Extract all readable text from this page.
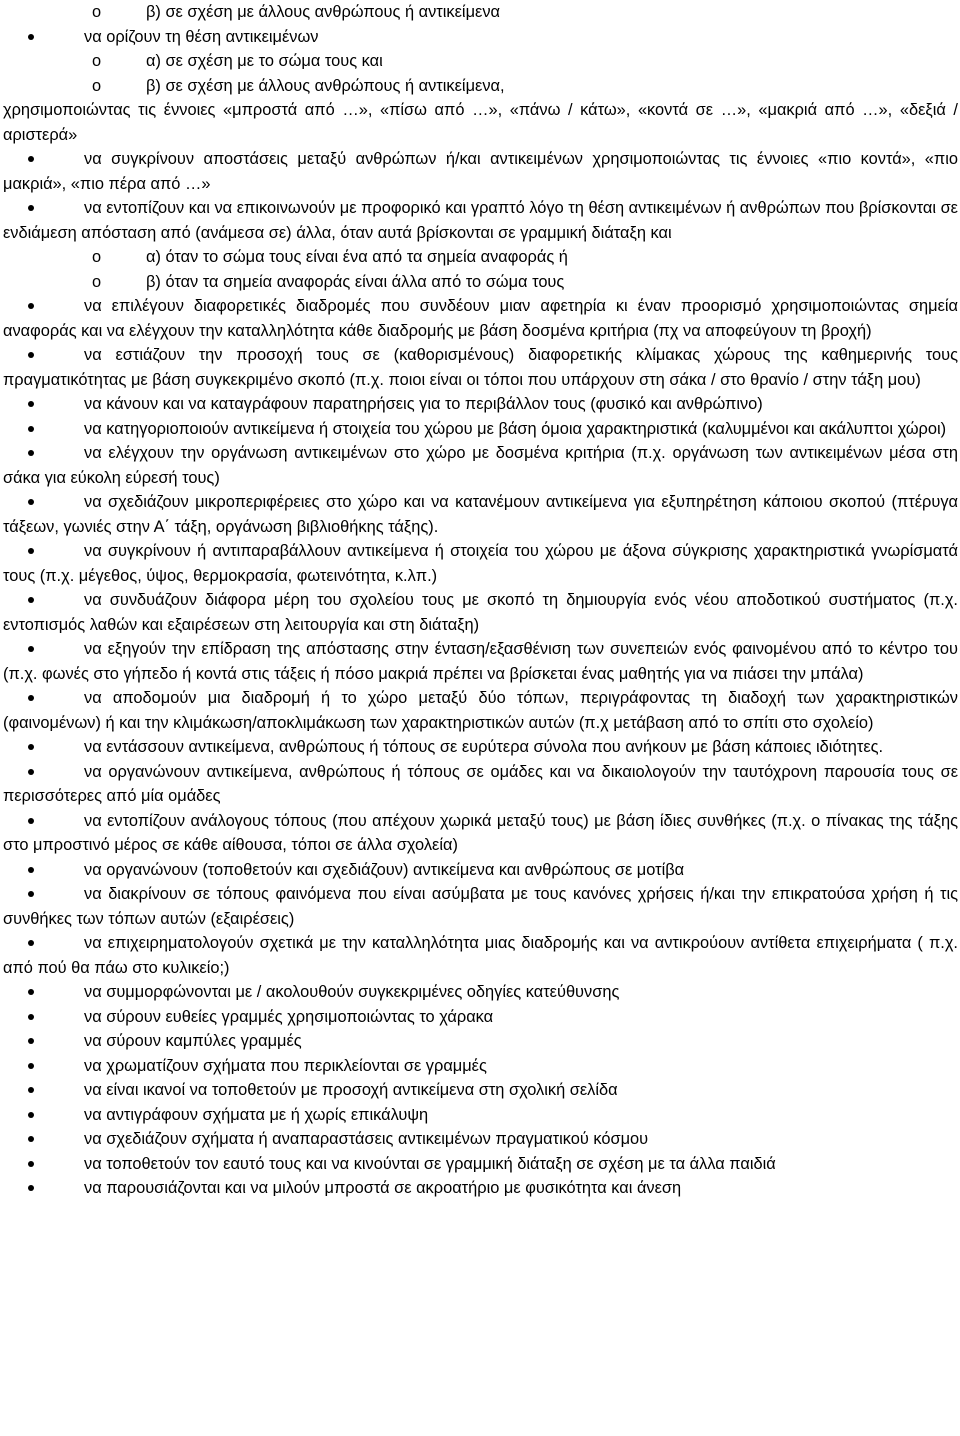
o	β) σε σχέση με άλλους ανθρώπους ή αντικείμενα
να ορίζουν τη θέση αντικειμένων
o	α) σε σχέση με το σώμα τους και
o	β) σε σχέση με άλλους ανθρώπους ή αντικείμενα,
χρησιμοποιώντας τις έννοιες «μπροστά από …», «πίσω από …», «πάνω / κάτω», «κοντά σε …», «μακριά από …», «δεξιά / αριστερά»
να συγκρίνουν αποστάσεις μεταξύ ανθρώπων ή/και αντικειμένων χρησιμοποιώντας τις έννοιες «πιο κοντά», «πιο μακριά», «πιο πέρα από …»
να εντοπίζουν και να επικοινωνούν με προφορικό και γραπτό λόγο τη θέση αντικειμένων ή ανθρώπων που βρίσκονται σε ενδιάμεση απόσταση από (ανάμεσα σε) άλλα, όταν αυτά βρίσκονται σε γραμμική διάταξη και
o	α) όταν το σώμα τους είναι ένα από τα σημεία αναφοράς ή
o	β) όταν τα σημεία αναφοράς είναι άλλα από το σώμα τους
να επιλέγουν διαφορετικές διαδρομές που συνδέουν μιαν αφετηρία κι έναν προορισμό χρησιμοποιώντας σημεία αναφοράς και να ελέγχουν την καταλληλότητα κάθε διαδρομής με βάση δοσμένα κριτήρια (πχ να αποφεύγουν τη βροχή)
να εστιάζουν την προσοχή τους σε (καθορισμένους) διαφορετικής κλίμακας χώρους της καθημερινής τους πραγματικότητας με βάση συγκεκριμένο σκοπό (π.χ. ποιοι είναι οι τόποι που υπάρχουν στη σάκα / στο θρανίο / στην τάξη μου)
να κάνουν και να καταγράφουν παρατηρήσεις για το περιβάλλον τους (φυσικό και ανθρώπινο)
να κατηγοριοποιούν αντικείμενα ή στοιχεία του χώρου με βάση όμοια χαρακτηριστικά (καλυμμένοι και ακάλυπτοι χώροι)
να ελέγχουν την οργάνωση αντικειμένων στο χώρο με δοσμένα κριτήρια (π.χ. οργάνωση των αντικειμένων μέσα στη σάκα για εύκολη εύρεσή τους)
να σχεδιάζουν μικροπεριφέρειες στο χώρο και να κατανέμουν αντικείμενα για εξυπηρέτηση κάποιου σκοπού (πτέρυγα τάξεων, γωνιές στην Α΄ τάξη, οργάνωση βιβλιοθήκης τάξης).
να συγκρίνουν ή αντιπαραβάλλουν αντικείμενα ή στοιχεία του χώρου με άξονα σύγκρισης χαρακτηριστικά γνωρίσματά τους (π.χ. μέγεθος, ύψος, θερμοκρασία, φωτεινότητα, κ.λπ.)
να συνδυάζουν διάφορα μέρη του σχολείου τους με σκοπό τη δημιουργία ενός νέου αποδοτικού συστήματος (π.χ. εντοπισμός λαθών και εξαιρέσεων στη λειτουργία και στη διάταξη)
να εξηγούν την επίδραση της απόστασης στην ένταση/εξασθένιση των συνεπειών ενός φαινομένου από το κέντρο του (π.χ. φωνές στο γήπεδο ή κοντά στις τάξεις ή πόσο μακριά πρέπει να βρίσκεται ένας μαθητής για να πιάσει την μπάλα)
να αποδομούν μια διαδρομή ή το χώρο μεταξύ δύο τόπων, περιγράφοντας τη διαδοχή των χαρακτηριστικών (φαινομένων) ή και την κλιμάκωση/αποκλιμάκωση των χαρακτηριστικών αυτών (π.χ μετάβαση από το σπίτι στο σχολείο)
να εντάσσουν αντικείμενα, ανθρώπους ή τόπους σε ευρύτερα σύνολα που ανήκουν με βάση κάποιες ιδιότητες.
να οργανώνουν αντικείμενα, ανθρώπους ή τόπους σε ομάδες και να δικαιολογούν την ταυτόχρονη παρουσία τους σε περισσότερες από μία ομάδες
να εντοπίζουν ανάλογους τόπους (που απέχουν χωρικά μεταξύ τους) με βάση ίδιες συνθήκες (π.χ. ο πίνακας της τάξης στο μπροστινό μέρος σε κάθε αίθουσα, τόποι σε άλλα σχολεία)
να οργανώνουν (τοποθετούν και σχεδιάζουν) αντικείμενα και ανθρώπους σε μοτίβα
να διακρίνουν σε τόπους φαινόμενα που είναι ασύμβατα με τους κανόνες χρήσεις ή/και την επικρατούσα χρήση ή τις συνθήκες των τόπων αυτών (εξαιρέσεις)
να επιχειρηματολογούν σχετικά με την καταλληλότητα μιας διαδρομής και να αντικρούουν αντίθετα επιχειρήματα ( π.χ. από πού θα πάω στο κυλικείο;)
να συμμορφώνονται με / ακολουθούν συγκεκριμένες οδηγίες κατεύθυνσης
να σύρουν ευθείες γραμμές χρησιμοποιώντας το χάρακα
να σύρουν καμπύλες γραμμές
να χρωματίζουν σχήματα που περικλείονται σε γραμμές
να είναι ικανοί να τοποθετούν με προσοχή αντικείμενα στη σχολική σελίδα
να αντιγράφουν σχήματα με ή χωρίς επικάλυψη
να σχεδιάζουν σχήματα ή αναπαραστάσεις αντικειμένων πραγματικού κόσμου
να τοποθετούν τον εαυτό τους και να κινούνται σε γραμμική διάταξη σε σχέση με τα άλλα παιδιά
να παρουσιάζονται και να μιλούν μπροστά σε ακροατήριο με φυσικότητα και άνεση
